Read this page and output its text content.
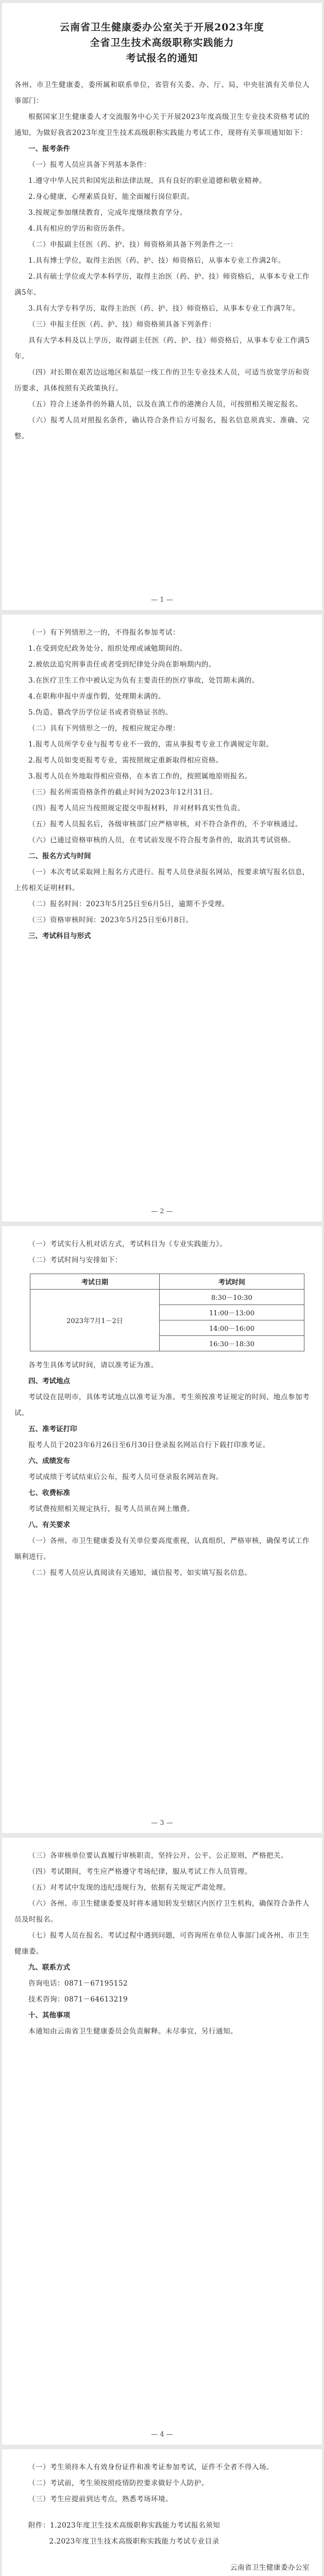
云南省卫生健康委办公室关于开展2023年度
全省卫生技术高级职称实践能力
考试报名的通知

各州、市卫生健康委，委所属和联系单位，省管有关委、办、厅、局，中央驻滇有关单位人事部门：

根据国家卫生健康委人才交流服务中心关于开展2023年度高级卫生专业技术资格考试的通知，为做好我省2023年度卫生技术高级职称实践能力考试工作，现将有关事项通知如下：

一、报考条件

（一）报考人员应具备下列基本条件：

1.遵守中华人民共和国宪法和法律法规，具有良好的职业道德和敬业精神。

2.身心健康，心理素质良好，能全面履行岗位职责。

3.按规定参加继续教育，完成年度继续教育学分。

4.具有相应的学历和资历条件。

（二）申报副主任医（药、护、技）师资格须具备下列条件之一：

1.具有博士学位，取得主治医（药、护、技）师资格后，从事本专业工作满2年。

2.具有硕士学位或大学本科学历，取得主治医（药、护、技）师资格后，从事本专业工作满5年。

3.具有大学专科学历，取得主治医（药、护、技）师资格后，从事本专业工作满7年。

（三）申报主任医（药、护、技）师资格须具备下列条件：

具有大学本科及以上学历，取得副主任医（药、护、技）师资格后，从事本专业工作满5年。

（四）对长期在艰苦边远地区和基层一线工作的卫生专业技术人员，可适当放宽学历和资历要求，具体按照有关政策执行。

（五）符合上述条件的外籍人员，以及在滇工作的港澳台人员，可按照相关规定报名。

（六）报考人员对照报名条件，确认符合条件后方可报名，报名信息须真实、准确、完整。

— 1 —

（一）有下列情形之一的，不得报名参加考试：

1.在受到党纪政务处分、组织处理或诫勉期间的。

2.被依法追究刑事责任或者受到纪律处分尚在影响期内的。

3.在医疗卫生工作中被认定为负有主要责任的医疗事故，处罚期未满的。

4.在职称申报中弄虚作假，处理期未满的。

5.伪造、篡改学历学位证书或者资格证书的。

（二）具有下列情形之一的，按相应规定办理：

1.报考人员所学专业与报考专业不一致的，需从事报考专业工作满规定年限。

2.报考人员如变更报考专业，需按照规定重新取得相应资格。

3.报考人员在外地取得相应资格，在本省工作的，按照属地原则报名。

（三）报名所需资格条件的截止时间为2023年12月31日。

（四）报考人员应当按照规定提交申报材料，并对材料真实性负责。

（五）报考人员报名后，各级审核部门应严格审核，对不符合条件的，不予审核通过。

（六）已通过资格审核的人员，在考试前发现不符合报考条件的，取消其考试资格。

二、报名方式与时间

（一）本次考试采取网上报名方式进行。报考人员登录报名网站，按要求填写报名信息，上传相关证明材料。

（二）报名时间：2023年5月25日至6月5日，逾期不予受理。

（三）资格审核时间：2023年5月25日至6月8日。

三、考试科目与形式

— 2 —

（一）考试实行人机对话方式，考试科目为《专业实践能力》。

（二）考试时间与安排如下：

考试日期	考试时间
2023年7月1－2日	8:30－10:30
	11:00－13:00
	14:00－16:00
	16:30－18:30

各考生具体考试时间，请以准考证为准。

四、考试地点

考试设在昆明市，具体考试地点以准考证为准。考生须按准考证规定的时间、地点参加考试。

五、准考证打印

报考人员于2023年6月26日至6月30日登录报名网站自行下载打印准考证。

六、成绩发布

考试成绩于考试结束后公布，报考人员可登录报名网站查询。

七、收费标准

考试费按照相关规定执行，报考人员须在网上缴费。

八、有关要求

（一）各州、市卫生健康委及有关单位要高度重视，认真组织，严格审核，确保考试工作顺利进行。

（二）报考人员应认真阅读有关通知，诚信报考，如实填写报名信息。

— 3 —

（三）各审核单位要认真履行审核职责，坚持公开、公平、公正原则，严格把关。

（四）考试期间，考生应严格遵守考场纪律，服从考试工作人员管理。

（五）对考试中发现的违纪违规行为，依据有关规定严肃处理。

（六）各州、市卫生健康委要及时将本通知转发至辖区内医疗卫生机构，确保符合条件人员及时报名。

（七）报考人员在报名、考试过程中遇到问题，可咨询所在单位人事部门或各州、市卫生健康委。

九、联系方式

咨询电话：0871－67195152

技术咨询：0871－64613219

十、其他事项

本通知由云南省卫生健康委员会负责解释。未尽事宜，另行通知。

— 4 —

（一）考生须持本人有效身份证件和准考证参加考试，证件不全者不得入场。

（二）考试前，考生须按照疫情防控要求做好个人防护。

（三）考生应提前到达考点，熟悉考场环境。

附件：1.2023年度卫生技术高级职称实践能力考试报名须知

2.2023年度卫生技术高级职称实践能力考试专业目录

云南省卫生健康委办公室
